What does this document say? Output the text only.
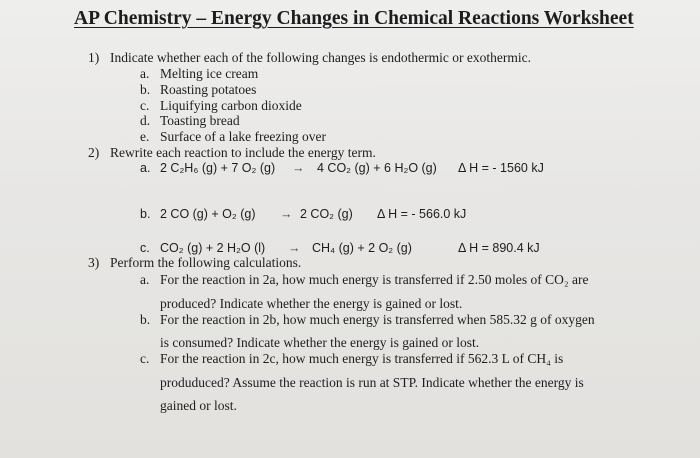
AP Chemistry – Energy Changes in Chemical Reactions Worksheet
1) Indicate whether each of the following changes is endothermic or exothermic.
a. Melting ice cream
b. Roasting potatoes
c. Liquifying carbon dioxide
d. Toasting bread
e. Surface of a lake freezing over
2) Rewrite each reaction to include the energy term.
a. 2 C₂H₆ (g) + 7 O₂ (g) → 4 CO₂ (g) + 6 H₂O (g) Δ H = - 1560 kJ
b. 2 CO (g) + O₂ (g) → 2 CO₂ (g) Δ H = - 566.0 kJ
c. CO₂ (g) + 2 H₂O (l) → CH₄ (g) + 2 O₂ (g)	Δ H = 890.4 kJ
3) Perform the following calculations.
a. For the reaction in 2a, how much energy is transferred if 2.50 moles of CO₂ are
produced? Indicate whether the energy is gained or lost.
b. For the reaction in 2b, how much energy is transferred when 585.32 g of oxygen
is consumed? Indicate whether the energy is gained or lost.
c. For the reaction in 2c, how much energy is transferred if 562.3 L of CH₄ is
produduced? Assume the reaction is run at STP. Indicate whether the energy is
gained or lost.
